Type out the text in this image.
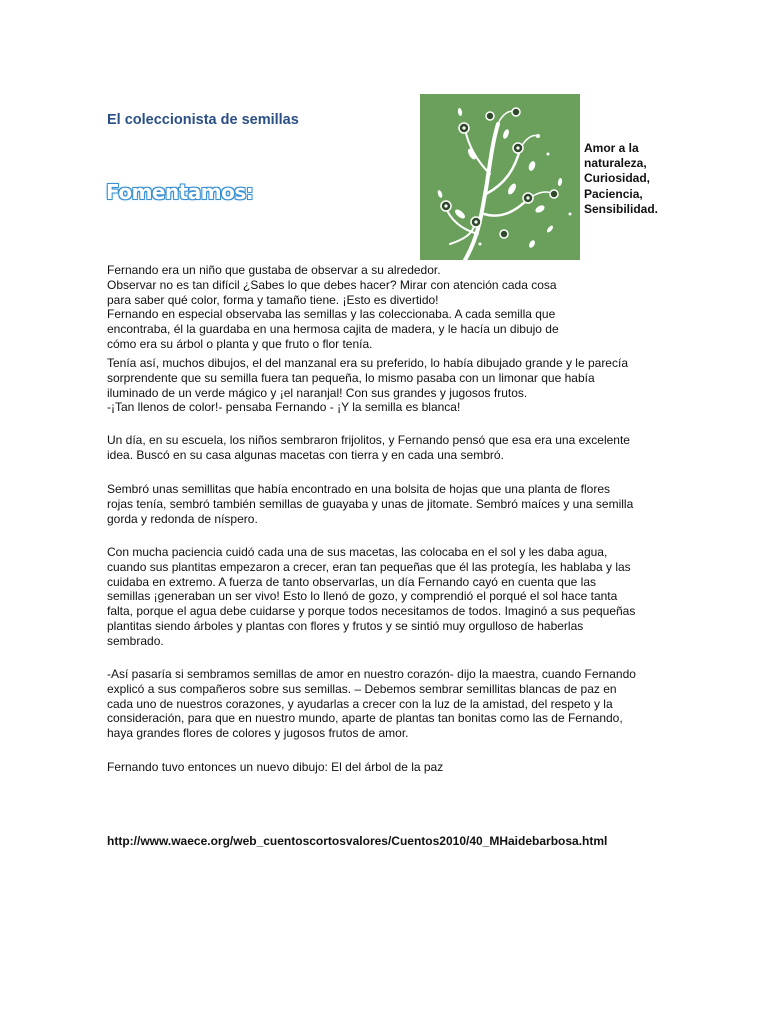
El coleccionista de semillas
Fomentamos:
Amor a la
naturaleza,
Curiosidad,
Paciencia,
Sensibilidad.

Fernando era un niño que gustaba de observar a su alrededor.
Observar no es tan difícil ¿Sabes lo que debes hacer? Mirar con atención cada cosa
para saber qué color, forma y tamaño tiene. ¡Esto es divertido!
Fernando en especial observaba las semillas y las coleccionaba. A cada semilla que
encontraba, él la guardaba en una hermosa cajita de madera, y le hacía un dibujo de
cómo era su árbol o planta y que fruto o flor tenía.

Tenía así, muchos dibujos, el del manzanal era su preferido, lo había dibujado grande y le parecía
sorprendente que su semilla fuera tan pequeña, lo mismo pasaba con un limonar que había
iluminado de un verde mágico y ¡el naranjal! Con sus grandes y jugosos frutos.
-¡Tan llenos de color!- pensaba Fernando - ¡Y la semilla es blanca!

Un día, en su escuela, los niños sembraron frijolitos, y Fernando pensó que esa era una excelente
idea. Buscó en su casa algunas macetas con tierra y en cada una sembró.

Sembró unas semillitas que había encontrado en una bolsita de hojas que una planta de flores
rojas tenía, sembró también semillas de guayaba y unas de jitomate. Sembró maíces y una semilla
gorda y redonda de níspero.

Con mucha paciencia cuidó cada una de sus macetas, las colocaba en el sol y les daba agua,
cuando sus plantitas empezaron a crecer, eran tan pequeñas que él las protegía, les hablaba y las
cuidaba en extremo. A fuerza de tanto observarlas, un día Fernando cayó en cuenta que las
semillas ¡generaban un ser vivo! Esto lo llenó de gozo, y comprendió el porqué el sol hace tanta
falta, porque el agua debe cuidarse y porque todos necesitamos de todos. Imaginó a sus pequeñas
plantitas siendo árboles y plantas con flores y frutos y se sintió muy orgulloso de haberlas
sembrado.

-Así pasaría si sembramos semillas de amor en nuestro corazón- dijo la maestra, cuando Fernando
explicó a sus compañeros sobre sus semillas. – Debemos sembrar semillitas blancas de paz en
cada uno de nuestros corazones, y ayudarlas a crecer con la luz de la amistad, del respeto y la
consideración, para que en nuestro mundo, aparte de plantas tan bonitas como las de Fernando,
haya grandes flores de colores y jugosos frutos de amor.

Fernando tuvo entonces un nuevo dibujo: El del árbol de la paz

http://www.waece.org/web_cuentoscortosvalores/Cuentos2010/40_MHaidebarbosa.html
